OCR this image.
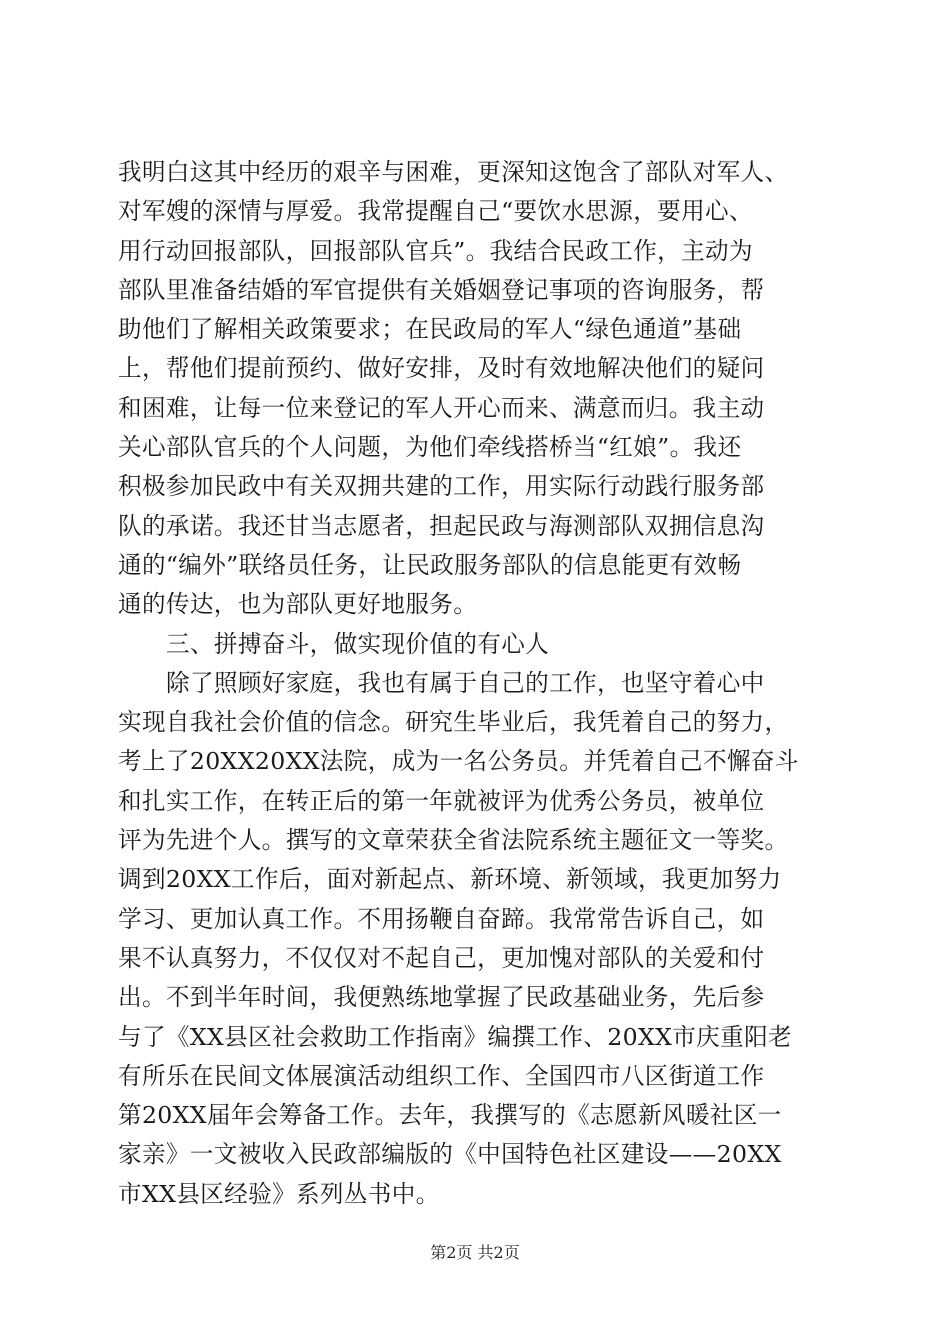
我明白这其中经历的艰辛与困难，更深知这饱含了部队对军人、
对军嫂的深情与厚爱。我常提醒自己“要饮水思源，要用心、
用行动回报部队，回报部队官兵”。我结合民政工作，主动为
部队里准备结婚的军官提供有关婚姻登记事项的咨询服务，帮
助他们了解相关政策要求；在民政局的军人“绿色通道”基础
上，帮他们提前预约、做好安排，及时有效地解决他们的疑问
和困难，让每一位来登记的军人开心而来、满意而归。我主动
关心部队官兵的个人问题，为他们牵线搭桥当“红娘”。我还
积极参加民政中有关双拥共建的工作，用实际行动践行服务部
队的承诺。我还甘当志愿者，担起民政与海测部队双拥信息沟
通的“编外”联络员任务，让民政服务部队的信息能更有效畅
通的传达，也为部队更好地服务。
三、拼搏奋斗，做实现价值的有心人
除了照顾好家庭，我也有属于自己的工作，也坚守着心中
实现自我社会价值的信念。研究生毕业后，我凭着自己的努力，
考上了20XX20XX法院，成为一名公务员。并凭着自己不懈奋斗
和扎实工作，在转正后的第一年就被评为优秀公务员，被单位
评为先进个人。撰写的文章荣获全省法院系统主题征文一等奖。
调到20XX工作后，面对新起点、新环境、新领域，我更加努力
学习、更加认真工作。不用扬鞭自奋蹄。我常常告诉自己，如
果不认真努力，不仅仅对不起自己，更加愧对部队的关爱和付
出。不到半年时间，我便熟练地掌握了民政基础业务，先后参
与了《XX县区社会救助工作指南》编撰工作、20XX市庆重阳老
有所乐在民间文体展演活动组织工作、全国四市八区街道工作
第20XX届年会筹备工作。去年，我撰写的《志愿新风暖社区一
家亲》一文被收入民政部编版的《中国特色社区建设——20XX
市XX县区经验》系列丛书中。
第2页 共2页
